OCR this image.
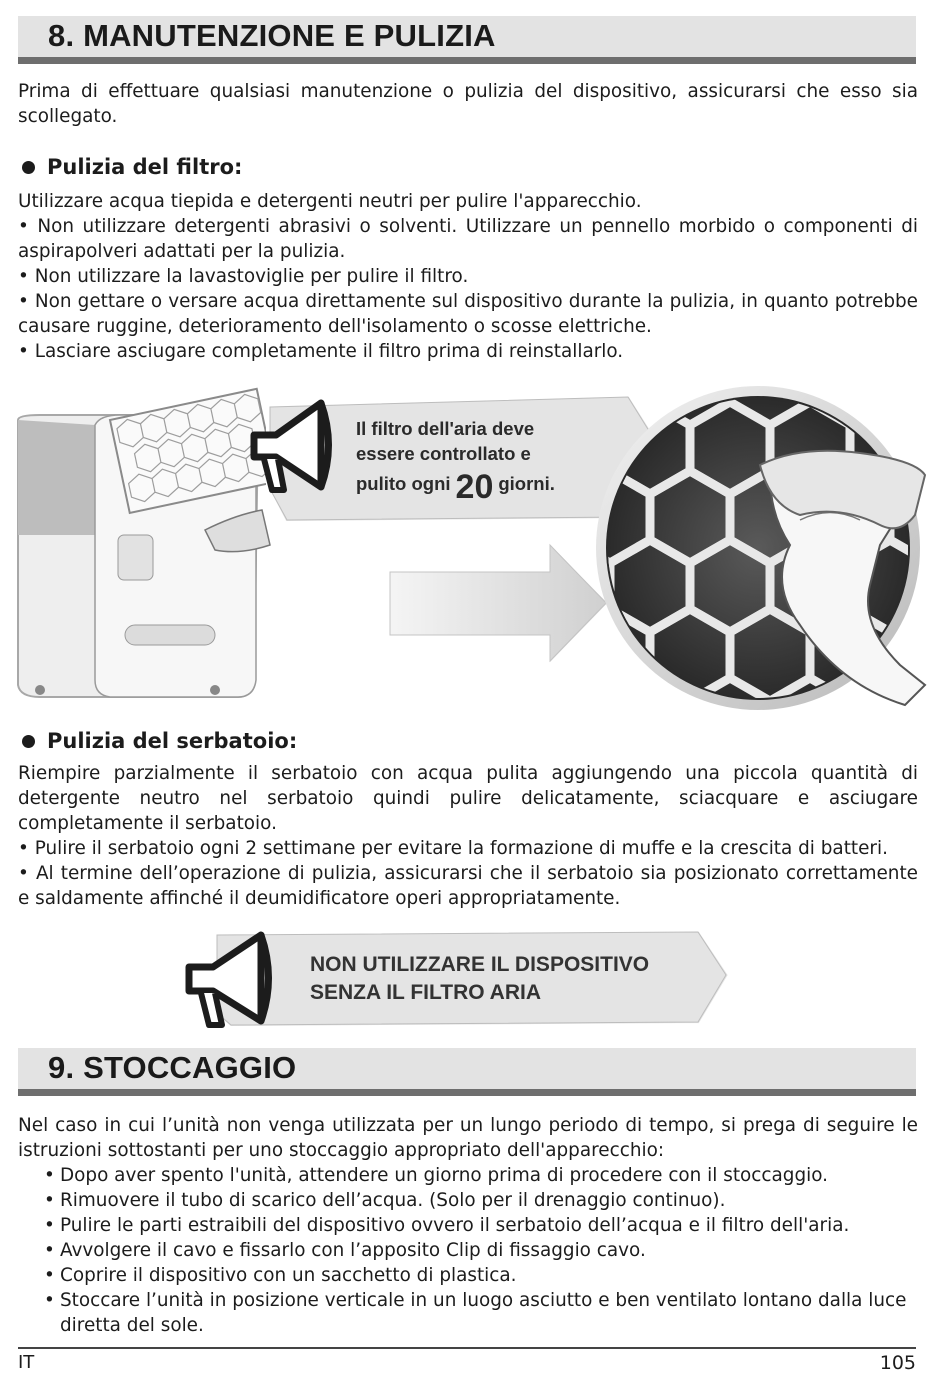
8. MANUTENZIONE E PULIZIA

Prima di effettuare qualsiasi manutenzione o pulizia del dispositivo, assicurarsi che esso sia scollegato.

Pulizia del filtro:

Utilizzare acqua tiepida e detergenti neutri per pulire l'apparecchio.

• Non utilizzare detergenti abrasivi o solventi. Utilizzare un pennello morbido o componenti di aspirapolveri adattati per la pulizia.

• Non utilizzare la lavastoviglie per pulire il filtro.

• Non gettare o versare acqua direttamente sul dispositivo durante la pulizia, in quanto potrebbe causare ruggine, deterioramento dell'isolamento o scosse elettriche.

• Lasciare asciugare completamente il filtro prima di reinstallarlo.

Il filtro dell'aria deve
essere controllato e
pulito ogni 20 giorni.
Pulizia del serbatoio:

Riempire parzialmente il serbatoio con acqua pulita aggiungendo una piccola quantità di detergente neutro nel serbatoio quindi pulire delicatamente, sciacquare e asciugare completamente il serbatoio.

• Pulire il serbatoio ogni 2 settimane per evitare la formazione di muffe e la crescita di batteri.

• Al termine dell’operazione di pulizia, assicurarsi che il serbatoio sia posizionato correttamente e saldamente affinché il deumidificatore operi appropriatamente.

NON UTILIZZARE IL DISPOSITIVO
SENZA IL FILTRO ARIA
9. STOCCAGGIO

Nel caso in cui l’unità non venga utilizzata per un lungo periodo di tempo, si prega di seguire le istruzioni sottostanti per uno stoccaggio appropriato dell'apparecchio:

• Dopo aver spento l'unità, attendere un giorno prima di procedere con il stoccaggio.
• Rimuovere il tubo di scarico dell’acqua. (Solo per il drenaggio continuo).
• Pulire le parti estraibili del dispositivo ovvero il serbatoio dell’acqua e il filtro dell'aria.
• Avvolgere il cavo e fissarlo con l’apposito Clip di fissaggio cavo.
• Coprire il dispositivo con un sacchetto di plastica.
• Stoccare l’unità in posizione verticale in un luogo asciutto e ben ventilato lontano dalla luce diretta del sole.
IT	105
